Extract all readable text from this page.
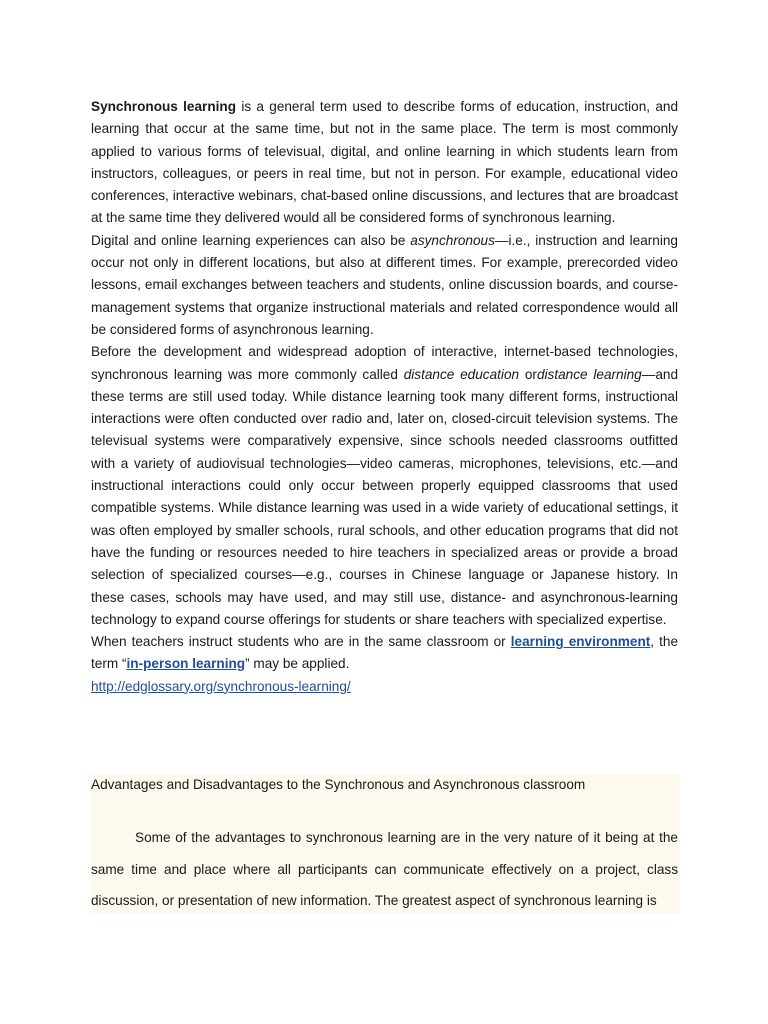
Synchronous learning is a general term used to describe forms of education, instruction, and learning that occur at the same time, but not in the same place. The term is most commonly applied to various forms of televisual, digital, and online learning in which students learn from instructors, colleagues, or peers in real time, but not in person. For example, educational video conferences, interactive webinars, chat-based online discussions, and lectures that are broadcast at the same time they delivered would all be considered forms of synchronous learning.

Digital and online learning experiences can also be asynchronous—i.e., instruction and learning occur not only in different locations, but also at different times. For example, prerecorded video lessons, email exchanges between teachers and students, online discussion boards, and course-management systems that organize instructional materials and related correspondence would all be considered forms of asynchronous learning.

Before the development and widespread adoption of interactive, internet-based technologies, synchronous learning was more commonly called distance education ordistance learning—and these terms are still used today. While distance learning took many different forms, instructional interactions were often conducted over radio and, later on, closed-circuit television systems. The televisual systems were comparatively expensive, since schools needed classrooms outfitted with a variety of audiovisual technologies—video cameras, microphones, televisions, etc.—and instructional interactions could only occur between properly equipped classrooms that used compatible systems. While distance learning was used in a wide variety of educational settings, it was often employed by smaller schools, rural schools, and other education programs that did not have the funding or resources needed to hire teachers in specialized areas or provide a broad selection of specialized courses—e.g., courses in Chinese language or Japanese history. In these cases, schools may have used, and may still use, distance- and asynchronous-learning technology to expand course offerings for students or share teachers with specialized expertise.

When teachers instruct students who are in the same classroom or learning environment, the term “in-person learning” may be applied.

http://edglossary.org/synchronous-learning/
Advantages and Disadvantages to the Synchronous and Asynchronous classroom

Some of the advantages to synchronous learning are in the very nature of it being at the same time and place where all participants can communicate effectively on a project, class discussion, or presentation of new information. The greatest aspect of synchronous learning is
